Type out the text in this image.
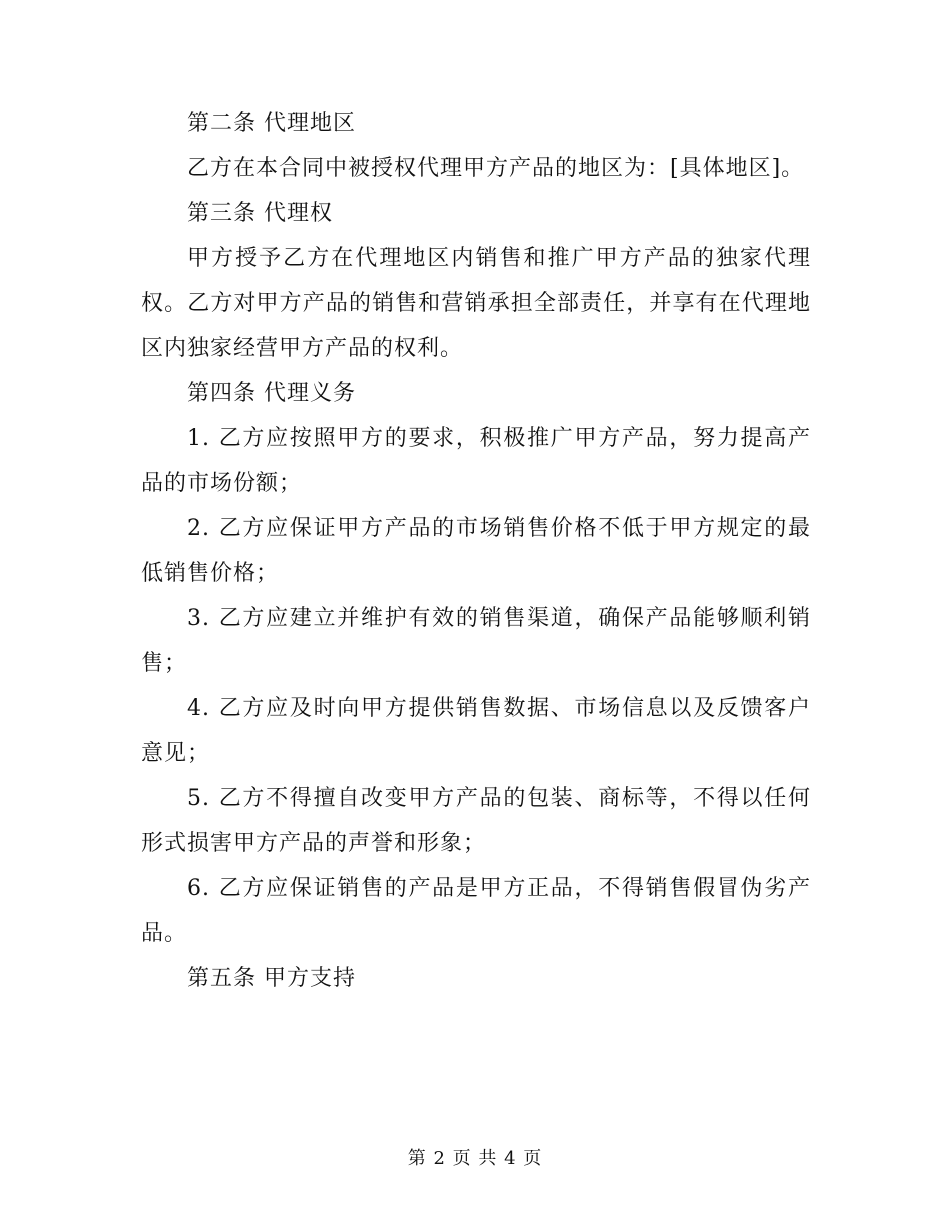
第二条 代理地区

乙方在本合同中被授权代理甲方产品的地区为：[具体地区]。

第三条 代理权

甲方授予乙方在代理地区内销售和推广甲方产品的独家代理权。乙方对甲方产品的销售和营销承担全部责任，并享有在代理地区内独家经营甲方产品的权利。

第四条 代理义务

1. 乙方应按照甲方的要求，积极推广甲方产品，努力提高产品的市场份额；

2. 乙方应保证甲方产品的市场销售价格不低于甲方规定的最低销售价格；

3. 乙方应建立并维护有效的销售渠道，确保产品能够顺利销售；

4. 乙方应及时向甲方提供销售数据、市场信息以及反馈客户意见；

5. 乙方不得擅自改变甲方产品的包装、商标等，不得以任何形式损害甲方产品的声誉和形象；

6. 乙方应保证销售的产品是甲方正品，不得销售假冒伪劣产品。

第五条 甲方支持

第 2 页 共 4 页
